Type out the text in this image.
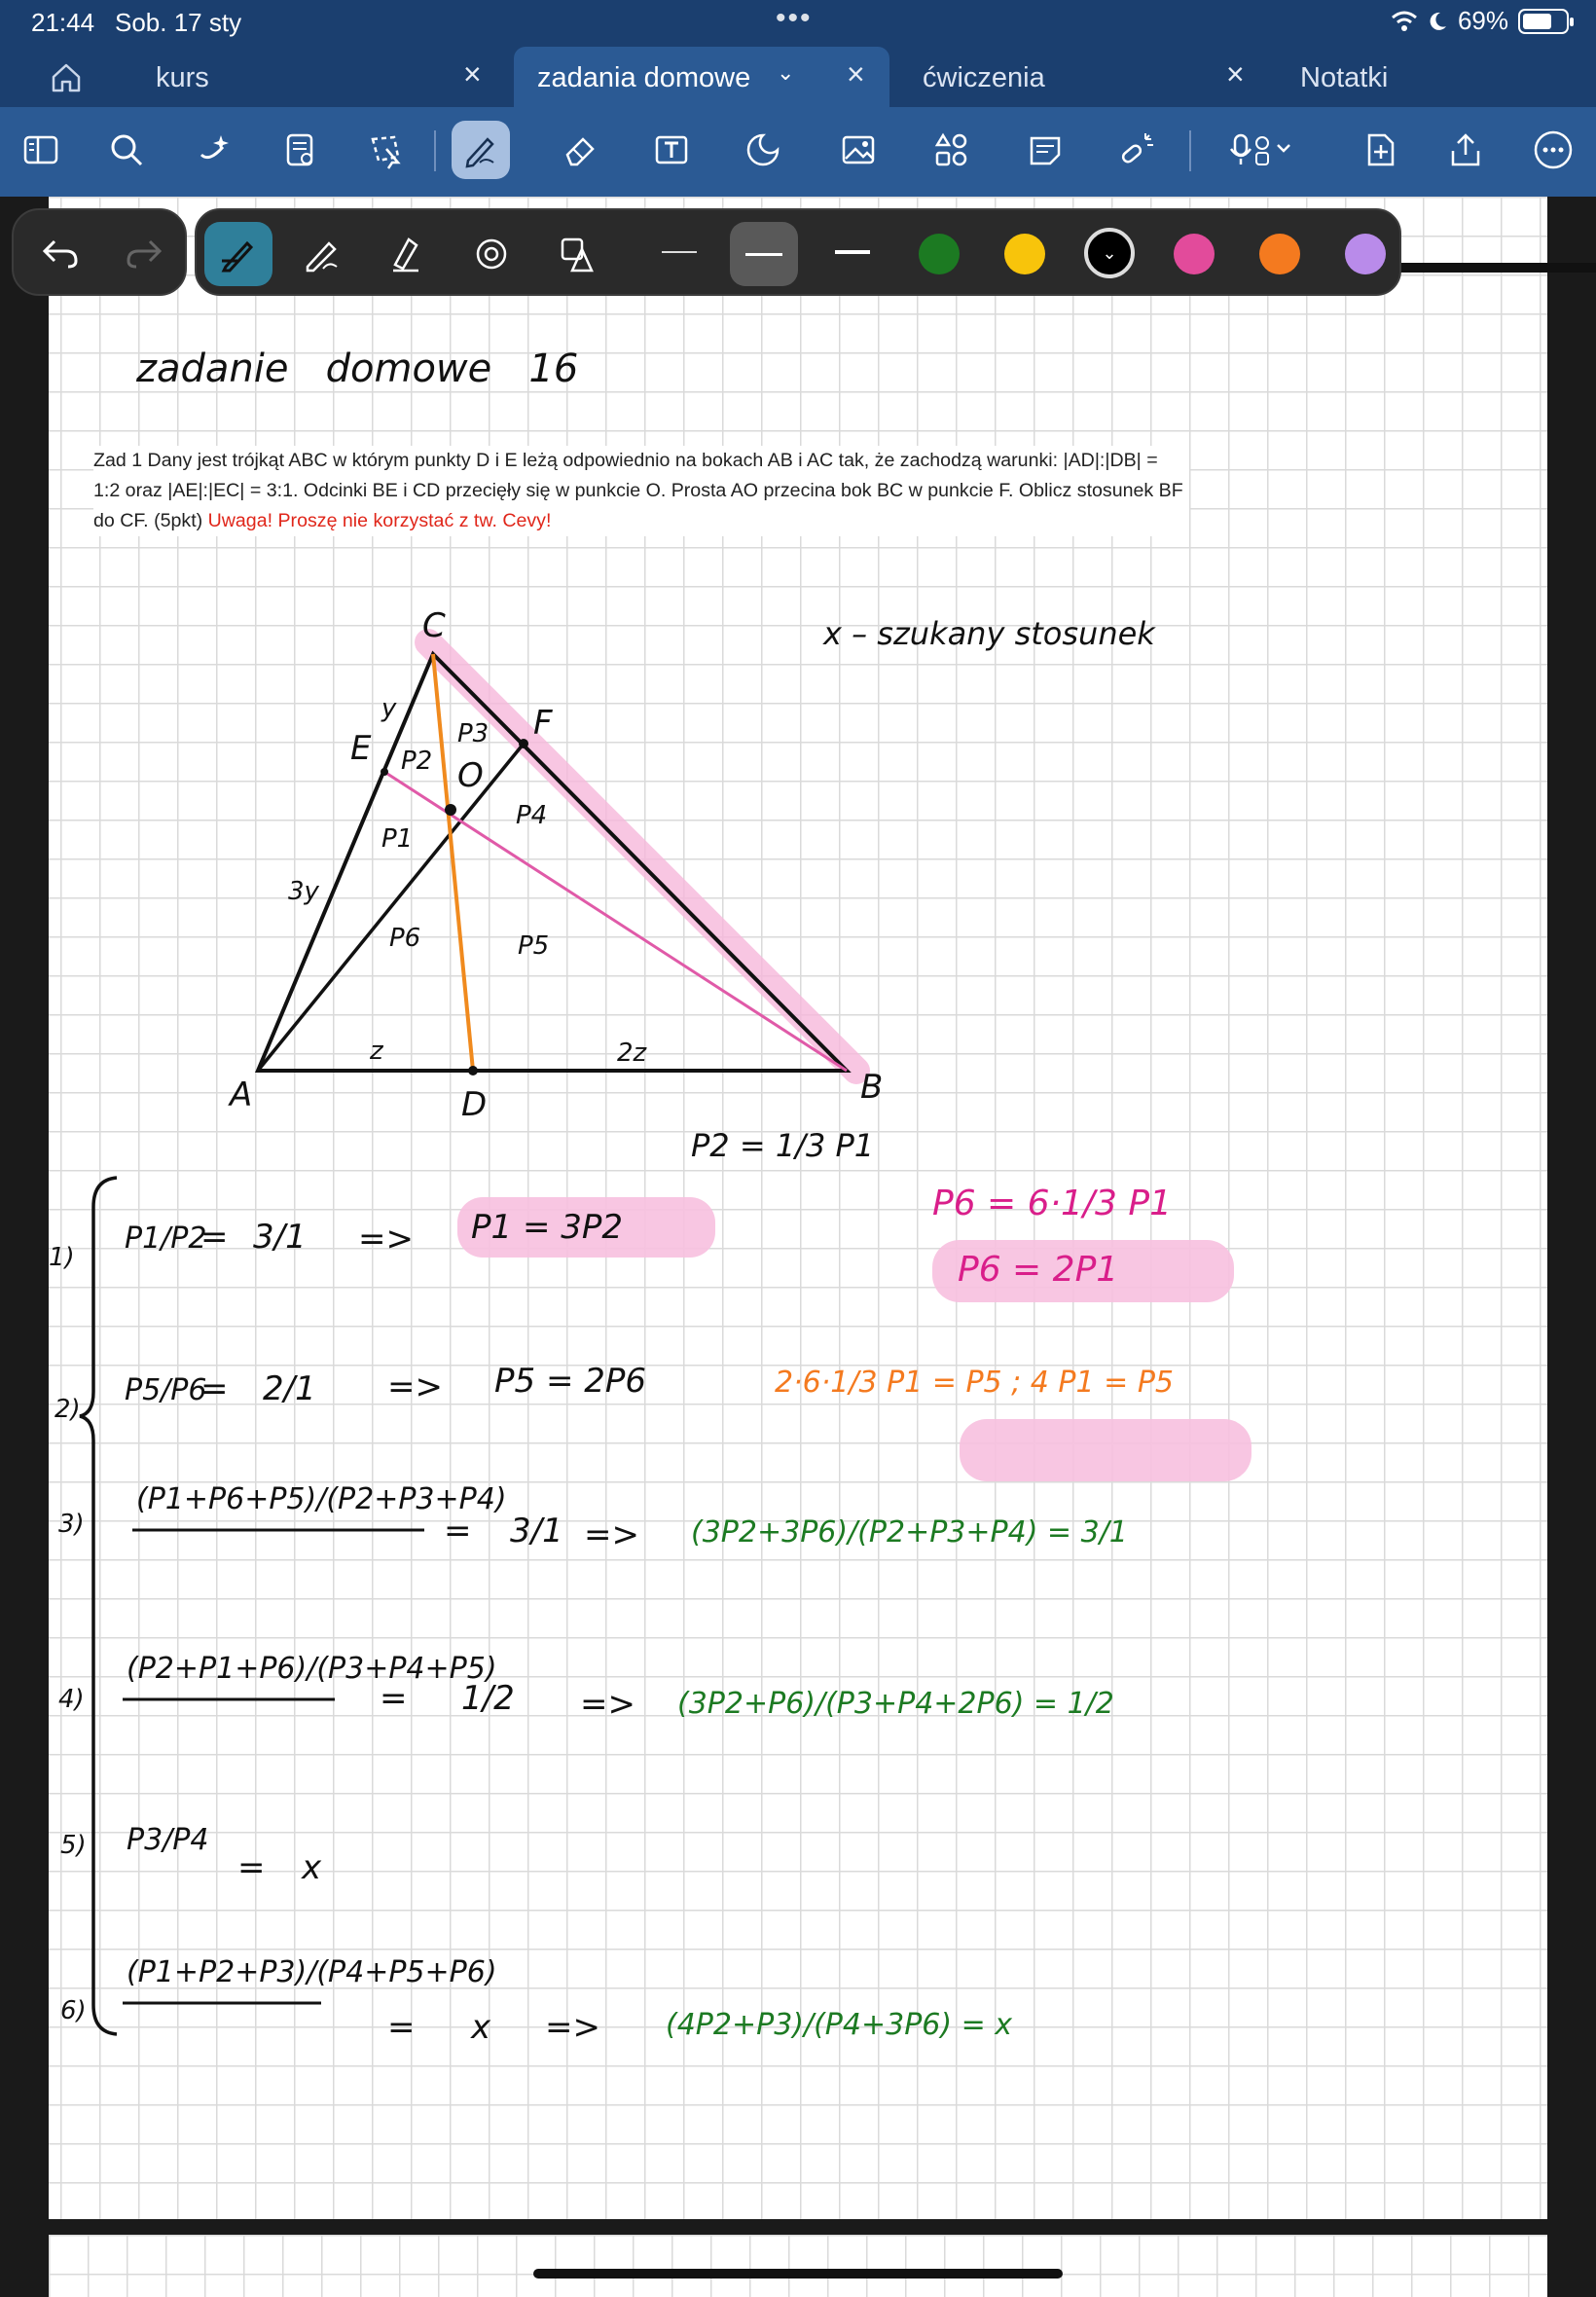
21:44 Sob. 17 sty	•••	69%
kurs	× zadania domowe ⌄ × ćwiczenia	× Notatki
⌄
Zad 1 Dany jest trójkąt ABC w którym punkty D i E leżą odpowiednio na bokach AB i AC tak, że zachodzą warunki: |AD|:|DB| = 1:2 oraz |AE|:|EC| = 3:1. Odcinki BE i CD przecięły się w punkcie O. Prosta AO przecina bok BC w punkcie F. Oblicz stosunek BF do CF. (5pkt) Uwaga! Proszę nie korzystać z tw. Cevy!
zadanie   domowe   16
A	B
C
D
E
F
O
P1
P2
P3
P4
P5
P6
y
3y
z	2z
x – szukany stosunek
1)
P1/P2
= 3/1 => P1 = 3P2
P2 = 1/3 P1
2)
P5/P6
= 2/1 => P5 = 2P6
3)
(P1+P6+P5)/(P2+P3+P4)
= 3/1 => (3P2+3P6)/(P2+P3+P4) = 3/1
4)
(P2+P1+P6)/(P3+P4+P5)
= 1/2 => (3P2+P6)/(P3+P4+2P6) = 1/2
5) P3/P4
= x
6)
(P1+P2+P3)/(P4+P5+P6)
= x => (4P2+P3)/(P4+3P6) = x
P6 = 6·1/3 P1
P6 = 2P1
2·6·1/3 P1 = P5 ; 4 P1 = P5
